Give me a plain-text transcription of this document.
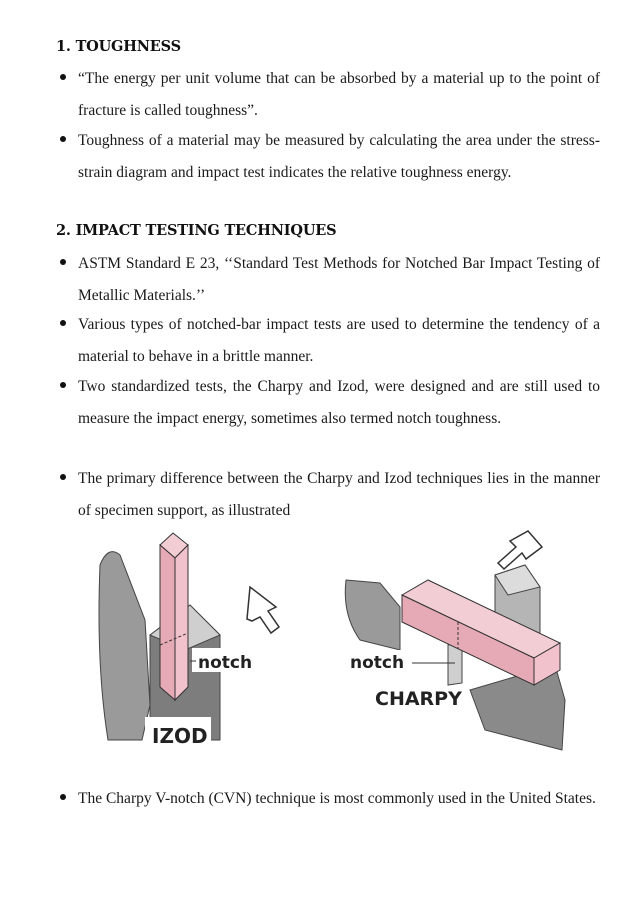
1. TOUGHNESS
“The energy per unit volume that can be absorbed by a material up to the point of fracture is called toughness”.
Toughness of a material may be measured by calculating the area under the stress-strain diagram and impact test indicates the relative toughness energy.
2. IMPACT TESTING TECHNIQUES
ASTM Standard E 23, ‘‘Standard Test Methods for Notched Bar Impact Testing of Metallic Materials.’’
Various types of notched-bar impact tests are used to determine the tendency of a material to behave in a brittle manner.
Two standardized tests, the Charpy and Izod, were designed and are still used to measure the impact energy, sometimes also termed notch toughness.
The primary difference between the Charpy and Izod techniques lies in the manner of specimen support, as illustrated
notch
IZOD
notch
CHARPY
The Charpy V-notch (CVN) technique is most commonly used in the United States.
